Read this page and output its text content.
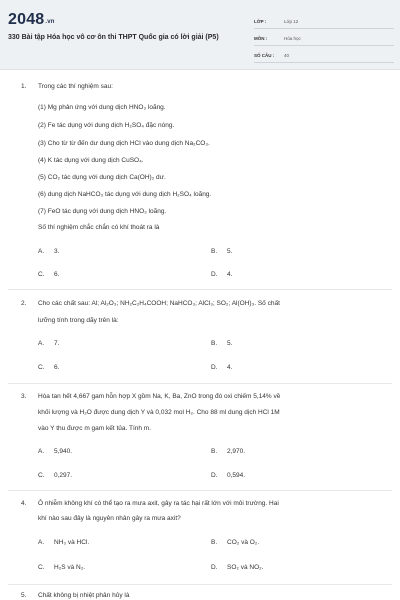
2048.vn
330 Bài tập Hóa học vô cơ ôn thi THPT Quốc gia có lời giải (P5)
LỚP :	Lớp 12
MÔN :	Hóa học
SỐ CÂU :	40
1. Trong các thí nghiệm sau:
(1) Mg phản ứng với dung dịch HNO₃ loãng.
(2) Fe tác dụng với dung dịch H₂SO₄ đặc nóng.
(3) Cho từ từ đến dư dung dịch HCl vào dung dịch Na₂CO₃.
(4) K tác dụng với dung dịch CuSO₄.
(5) CO₂ tác dụng với dung dịch Ca(OH)₂ dư.
(6) dung dịch NaHCO₃ tác dụng với dung dịch H₂SO₄ loãng.
(7) FeO tác dụng với dung dịch HNO₃ loãng.
Số thí nghiệm chắc chắn có khí thoát ra là
A. 3.	B. 5.
C. 6.	D. 4.
2. Cho các chất sau: Al; Al₂O₃; NH₂C₂H₄COOH; NaHCO₃; AlCl₃; SO₂; Al(OH)₃. Số chất
lưỡng tính trong dãy trên là:
A. 7.	B. 5.
C. 6.	D. 4.
3. Hòa tan hết 4,667 gam hỗn hợp X gồm Na, K, Ba, ZnO trong đó oxi chiếm 5,14% về
khối lượng và H₂O được dung dịch Y và 0,032 mol H₂. Cho 88 ml dung dịch HCl 1M
vào Y thu được m gam kết tủa. Tính m.
A. 5,940.	B. 2,970.
C. 0,297.	D. 0,594.
4. Ô nhiễm không khí có thể tạo ra mưa axit, gây ra tác hại rất lớn với môi trường. Hai
khí nào sau đây là nguyên nhân gây ra mưa axit?
A. NH₃ và HCl.	B. CO₂ và O₂.
C. H₂S và N₂.	D. SO₂ và NO₂.
5. Chất không bị nhiệt phân hủy là
